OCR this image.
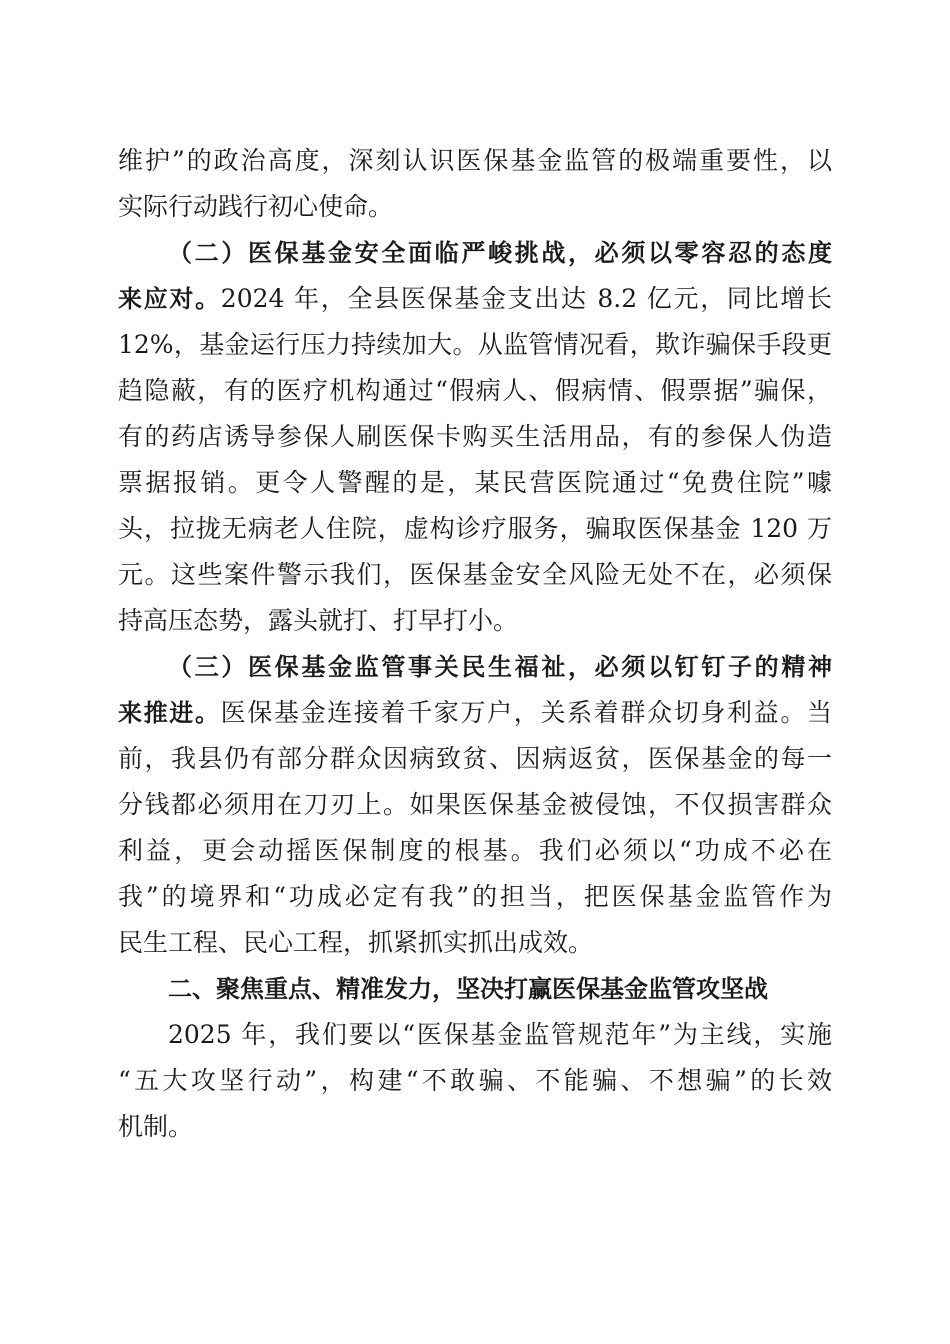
维护”的政治高度，深刻认识医保基金监管的极端重要性，以
实际行动践行初心使命。
（二）医保基金安全面临严峻挑战，必须以零容忍的态度
来应对。2024 年，全县医保基金支出达 8.2 亿元，同比增长
12%，基金运行压力持续加大。从监管情况看，欺诈骗保手段更
趋隐蔽，有的医疗机构通过“假病人、假病情、假票据”骗保，
有的药店诱导参保人刷医保卡购买生活用品，有的参保人伪造
票据报销。更令人警醒的是，某民营医院通过“免费住院”噱
头，拉拢无病老人住院，虚构诊疗服务，骗取医保基金 120 万
元。这些案件警示我们，医保基金安全风险无处不在，必须保
持高压态势，露头就打、打早打小。
（三）医保基金监管事关民生福祉，必须以钉钉子的精神
来推进。医保基金连接着千家万户，关系着群众切身利益。当
前，我县仍有部分群众因病致贫、因病返贫，医保基金的每一
分钱都必须用在刀刃上。如果医保基金被侵蚀，不仅损害群众
利益，更会动摇医保制度的根基。我们必须以“功成不必在
我”的境界和“功成必定有我”的担当，把医保基金监管作为
民生工程、民心工程，抓紧抓实抓出成效。
二、聚焦重点、精准发力，坚决打赢医保基金监管攻坚战
2025 年，我们要以“医保基金监管规范年”为主线，实施
“五大攻坚行动”，构建“不敢骗、不能骗、不想骗”的长效
机制。
